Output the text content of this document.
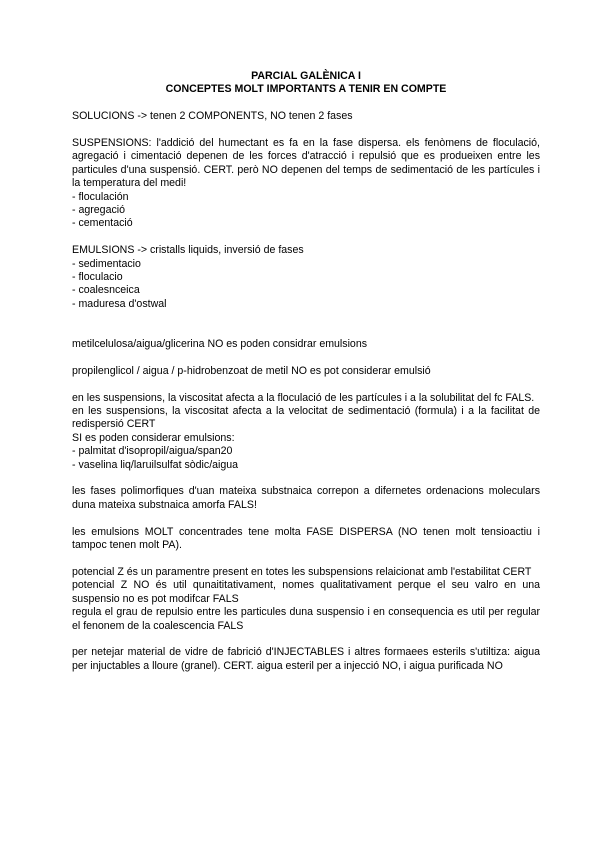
PARCIAL GALÈNICA I
CONCEPTES MOLT IMPORTANTS A TENIR EN COMPTE

SOLUCIONS -> tenen 2 COMPONENTS, NO tenen 2 fases

SUSPENSIONS: l'addició del humectant es fa en la fase dispersa. els fenòmens de floculació, agregació i cimentació depenen de les forces d'atracció i repulsió que es produeixen entre les particules d'una suspensió. CERT. però NO depenen del temps de sedimentació de les partícules i la temperatura del medi!

- floculación
- agregació
- cementació

EMULSIONS -> cristalls liquids, inversió de fases

- sedimentacio
- floculacio
- coalesnceica
- maduresa d'ostwal

metilcelulosa/aigua/glicerina NO es poden considrar emulsions

propilenglicol / aigua / p-hidrobenzoat de metil NO es pot considerar emulsió

en les suspensions, la viscositat afecta a la floculació de les partícules i a la solubilitat del fc FALS.

en les suspensions, la viscositat afecta a la velocitat de sedimentació (formula) i a la facilitat de redispersió CERT

SI es poden considerar emulsions:

- palmitat d'isopropil/aigua/span20
- vaselina liq/laruilsulfat sòdic/aigua

les fases polimorfiques d'uan mateixa substnaica correpon a difernetes ordenacions moleculars duna mateixa substnaica amorfa FALS!

les emulsions MOLT concentrades tene molta FASE DISPERSA (NO tenen molt tensioactiu i tampoc tenen molt PA).

potencial Z és un paramentre present en totes les subspensions relaicionat amb l'estabilitat CERT

potencial Z NO és util qunaititativament, nomes qualitativament perque el seu valro en una suspensio no es pot modifcar FALS

regula el grau de repulsio entre les particules duna suspensio i en consequencia es util per regular el fenonem de la coalescencia FALS

per netejar material de vidre de fabrició d'INJECTABLES i altres formaees esterils s'utiltiza: aigua per injuctables a lloure (granel). CERT. aigua esteril per a injecció NO, i aigua purificada NO
